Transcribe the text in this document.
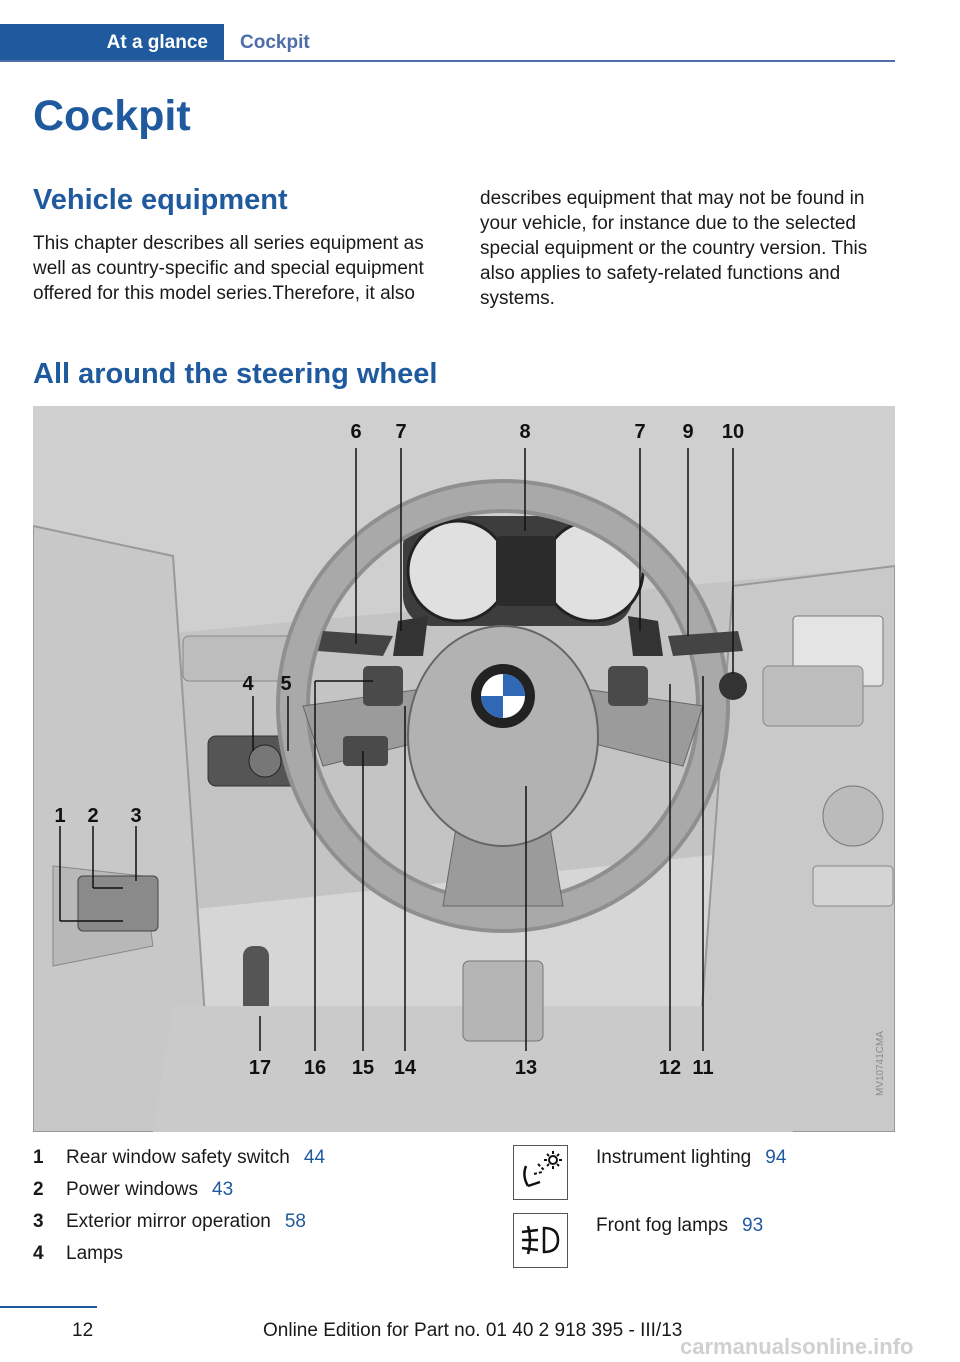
At a glance	Cockpit
Cockpit
Vehicle equipment
This chapter describes all series equipment as well as country-specific and special equipment offered for this model series.Therefore, it also
describes equipment that may not be found in your vehicle, for instance due to the selected special equipment or the country version. This also applies to safety-related functions and systems.
All around the steering wheel
6 7	8	7 9 10
4 5
1 2 3
17 16 15 14	13	12 11	MV10741CMA
1 Rear window safety switch 44
2 Power windows 43
3 Exterior mirror operation 58
4 Lamps
Instrument lighting 94
Front fog lamps 93
12	Online Edition for Part no. 01 40 2 918 395 - III/13
carmanualsonline.info
